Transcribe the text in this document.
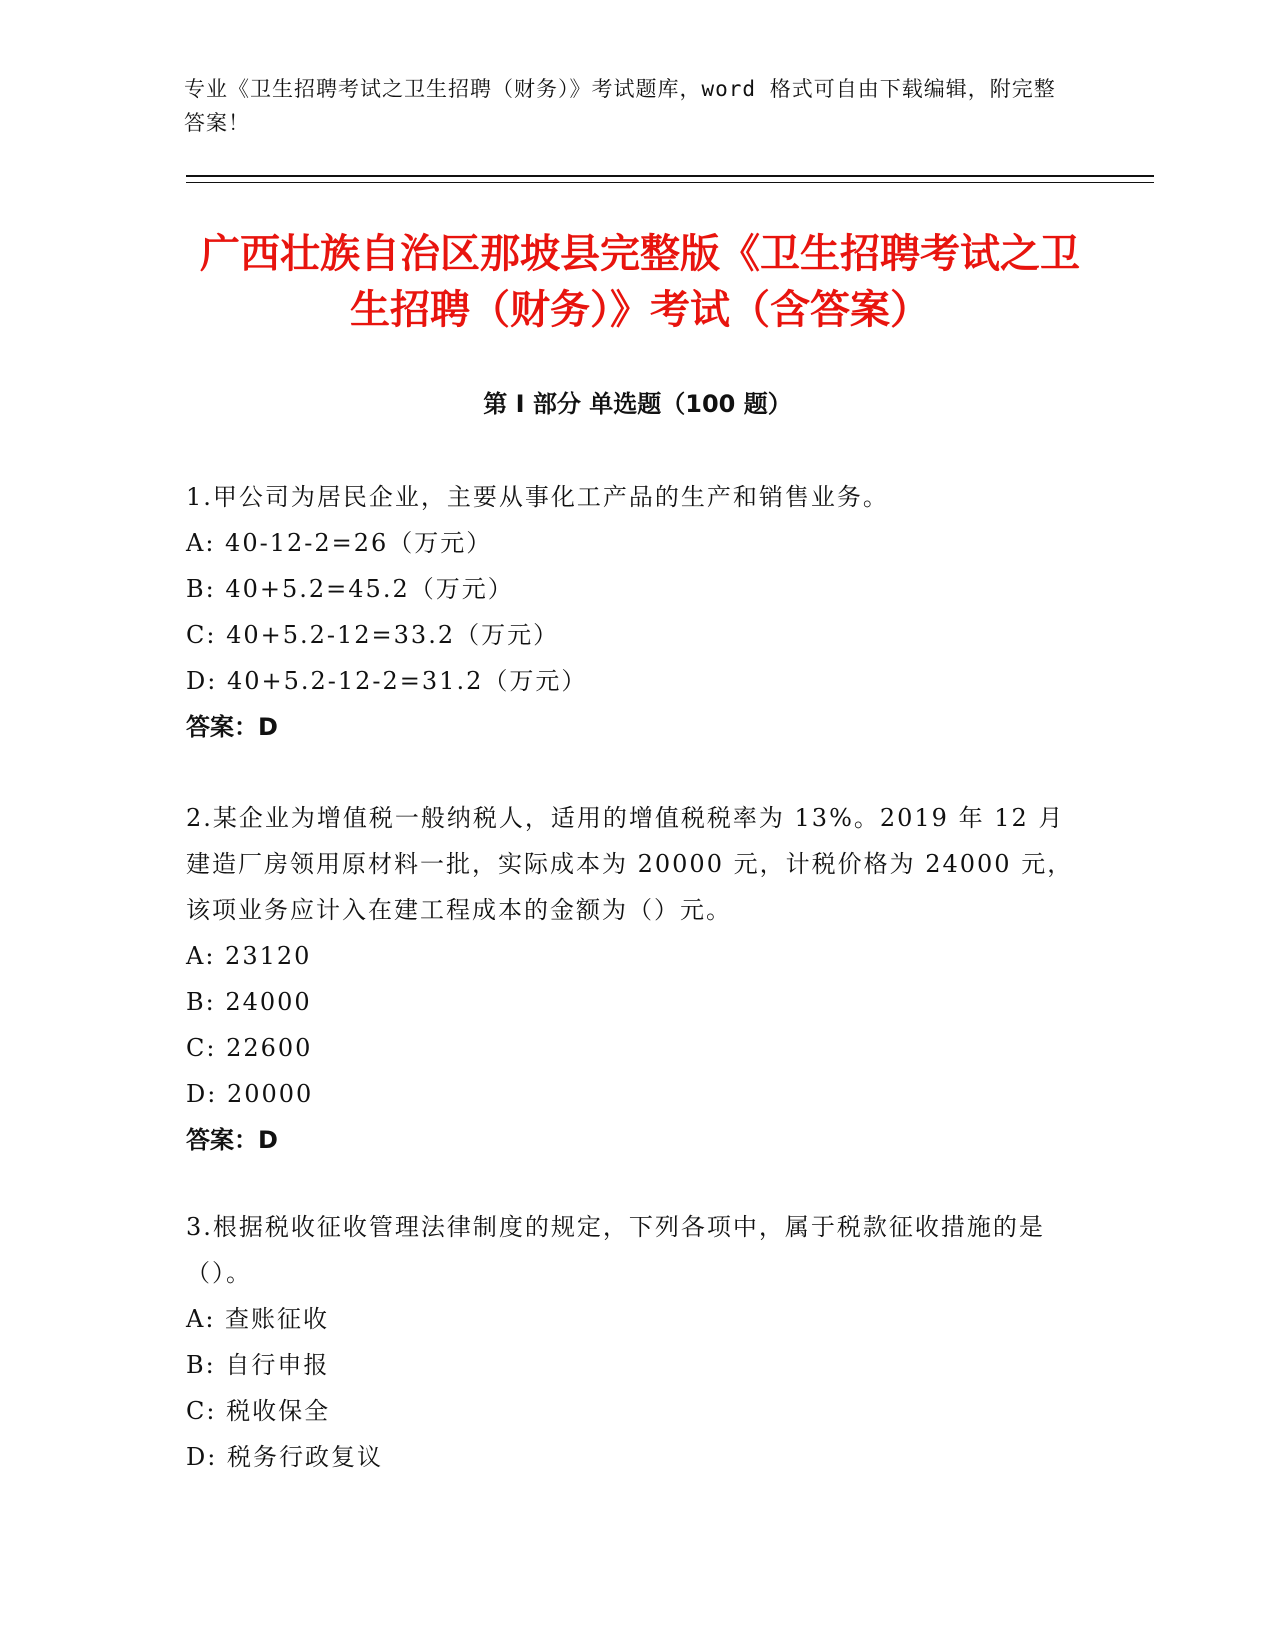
专业《卫生招聘考试之卫生招聘（财务）》考试题库，word 格式可自由下载编辑，附完整答案！
广西壮族自治区那坡县完整版《卫生招聘考试之卫生招聘（财务）》考试（含答案）
第 I 部分 单选题（100 题）

1.甲公司为居民企业，主要从事化工产品的生产和销售业务。

A: 40-12-2=26（万元）

B: 40+5.2=45.2（万元）

C: 40+5.2-12=33.2（万元）

D: 40+5.2-12-2=31.2（万元）

答案：D

2.某企业为增值税一般纳税人，适用的增值税税率为 13%。2019 年 12 月建造厂房领用原材料一批，实际成本为 20000 元，计税价格为 24000 元，该项业务应计入在建工程成本的金额为（）元。

A: 23120

B: 24000

C: 22600

D: 20000

答案：D

3.根据税收征收管理法律制度的规定，下列各项中，属于税款征收措施的是（）。

A: 查账征收

B: 自行申报

C: 税收保全

D: 税务行政复议
